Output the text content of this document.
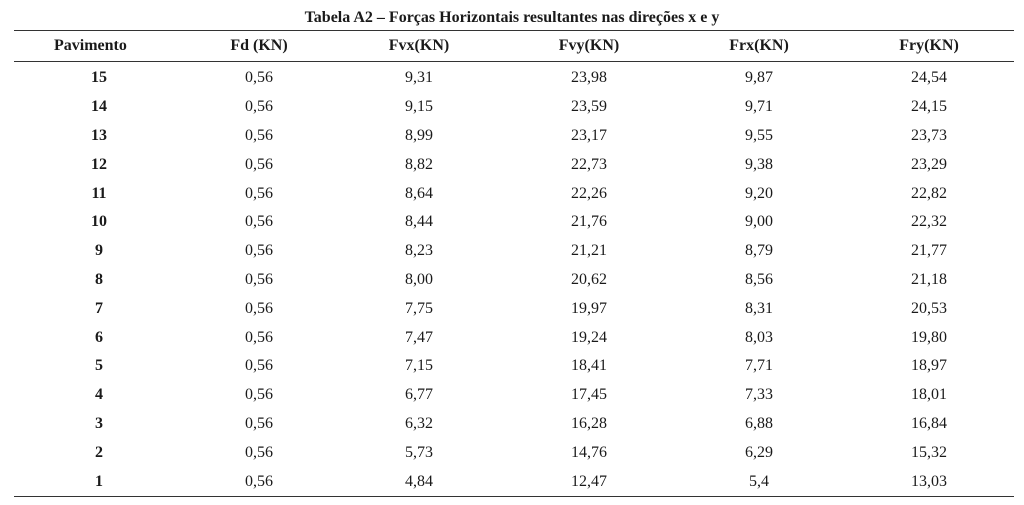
Tabela A2 – Forças Horizontais resultantes nas direções x e y
Pavimento	Fd (KN)	Fvx(KN)	Fvy(KN)	Frx(KN)	Fry(KN)
15	0,56	9,31	23,98	9,87	24,54
14	0,56	9,15	23,59	9,71	24,15
13	0,56	8,99	23,17	9,55	23,73
12	0,56	8,82	22,73	9,38	23,29
11	0,56	8,64	22,26	9,20	22,82
10	0,56	8,44	21,76	9,00	22,32
9	0,56	8,23	21,21	8,79	21,77
8	0,56	8,00	20,62	8,56	21,18
7	0,56	7,75	19,97	8,31	20,53
6	0,56	7,47	19,24	8,03	19,80
5	0,56	7,15	18,41	7,71	18,97
4	0,56	6,77	17,45	7,33	18,01
3	0,56	6,32	16,28	6,88	16,84
2	0,56	5,73	14,76	6,29	15,32
1	0,56	4,84	12,47	5,4	13,03
